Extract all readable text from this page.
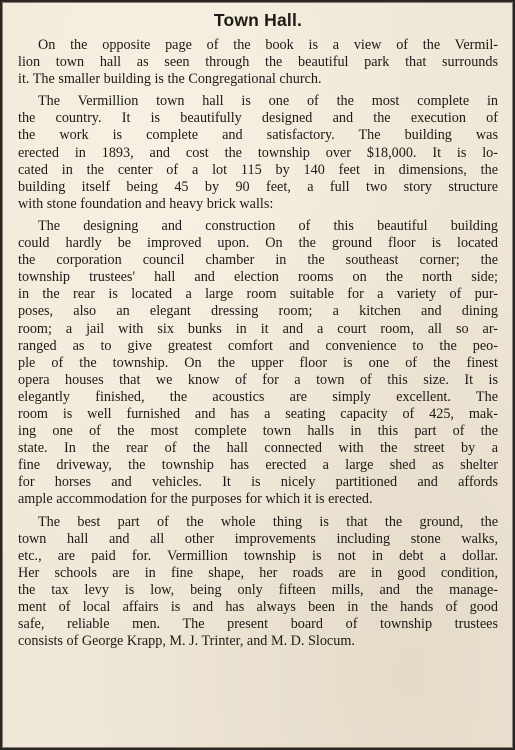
Town Hall.
On the opposite page of the book is a view of the Vermil-
lion town hall as seen through the beautiful park that surrounds
it. The smaller building is the Congregational church.
The Vermillion town hall is one of the most complete in
the country. It is beautifully designed and the execution of
the work is complete and satisfactory. The building was
erected in 1893, and cost the township over $18,000. It is lo-
cated in the center of a lot 115 by 140 feet in dimensions, the
building itself being 45 by 90 feet, a full two story structure
with stone foundation and heavy brick walls:
The designing and construction of this beautiful building
could hardly be improved upon. On the ground floor is located
the corporation council chamber in the southeast corner; the
township trustees' hall and election rooms on the north side;
in the rear is located a large room suitable for a variety of pur-
poses, also an elegant dressing room; a kitchen and dining
room; a jail with six bunks in it and a court room, all so ar-
ranged as to give greatest comfort and convenience to the peo-
ple of the township. On the upper floor is one of the finest
opera houses that we know of for a town of this size. It is
elegantly finished, the acoustics are simply excellent. The
room is well furnished and has a seating capacity of 425, mak-
ing one of the most complete town halls in this part of the
state. In the rear of the hall connected with the street by a
fine driveway, the township has erected a large shed as shelter
for horses and vehicles. It is nicely partitioned and affords
ample accommodation for the purposes for which it is erected.
The best part of the whole thing is that the ground, the
town hall and all other improvements including stone walks,
etc., are paid for. Vermillion township is not in debt a dollar.
Her schools are in fine shape, her roads are in good condition,
the tax levy is low, being only fifteen mills, and the manage-
ment of local affairs is and has always been in the hands of good
safe, reliable men. The present board of township trustees
consists of George Krapp, M. J. Trinter, and M. D. Slocum.
